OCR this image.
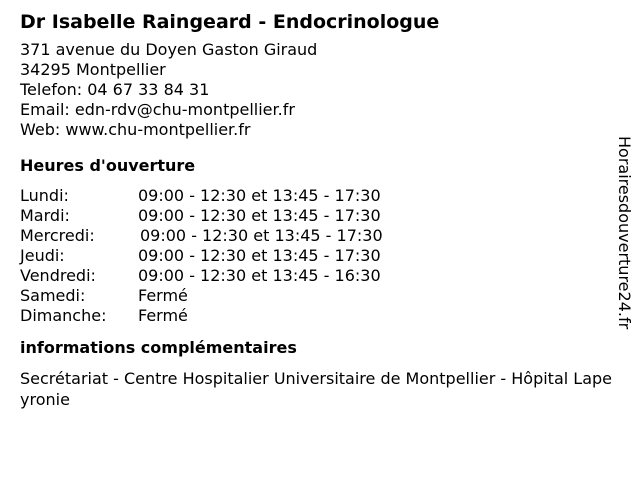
Dr Isabelle Raingeard - Endocrinologue
371 avenue du Doyen Gaston Giraud
34295 Montpellier
Telefon: 04 67 33 84 31
Email: edn-rdv@chu-montpellier.fr
Web: www.chu-montpellier.fr
Heures d'ouverture
Lundi:	09:00 - 12:30 et 13:45 - 17:30
Mardi:	09:00 - 12:30 et 13:45 - 17:30
Mercredi:	09:00 - 12:30 et 13:45 - 17:30
Jeudi:	09:00 - 12:30 et 13:45 - 17:30
Vendredi:	09:00 - 12:30 et 13:45 - 16:30
Samedi:	Fermé
Dimanche:	Fermé
informations complémentaires
Secrétariat - Centre Hospitalier Universitaire de Montpellier - Hôpital Lapeyronie
Horairesdouverture24.fr
